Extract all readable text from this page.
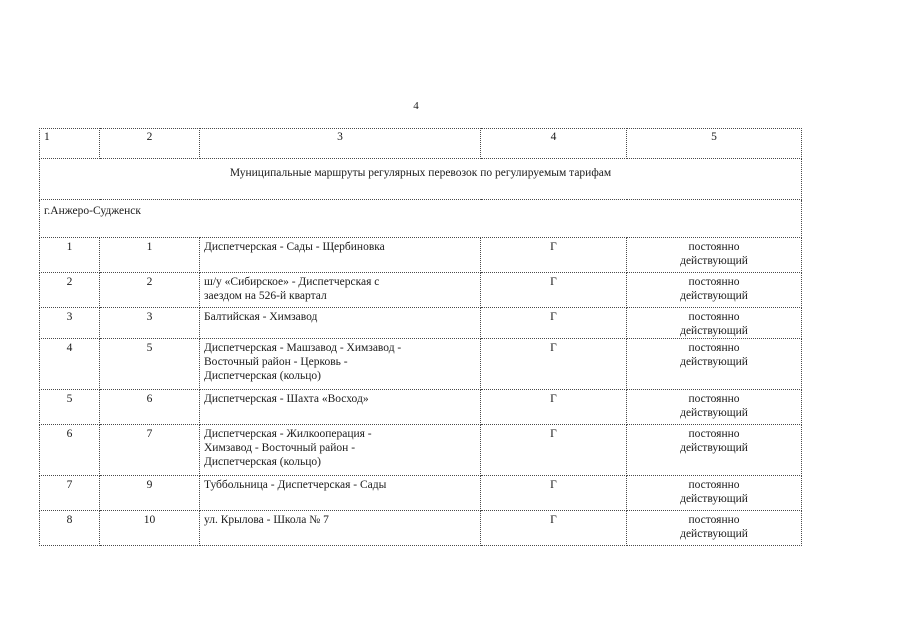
4
1	2	3	4	5
Муниципальные маршруты регулярных перевозок по регулируемым тарифам				
г.Анжеро-Судженск				
1	1	Диспетчерская - Сады - Щербиновка	Г	постоянно
действующий

2	2	ш/у «Сибирское» - Диспетчерская с
заездом на 526-й квартал	Г	постоянно
действующий

3	3	Балтийская - Химзавод	Г	постоянно
действующий

4	5	Диспетчерская - Машзавод - Химзавод -
Восточный район - Церковь -
Диспетчерская (кольцо)	Г	постоянно
действующий

5	6	Диспетчерская - Шахта «Восход»	Г	постоянно
действующий

6	7	Диспетчерская - Жилкооперация -
Химзавод - Восточный район -
Диспетчерская (кольцо)	Г	постоянно
действующий

7	9	Туббольница - Диспетчерская - Сады	Г	постоянно
действующий

8	10	ул. Крылова - Школа № 7	Г	постоянно
действующий
